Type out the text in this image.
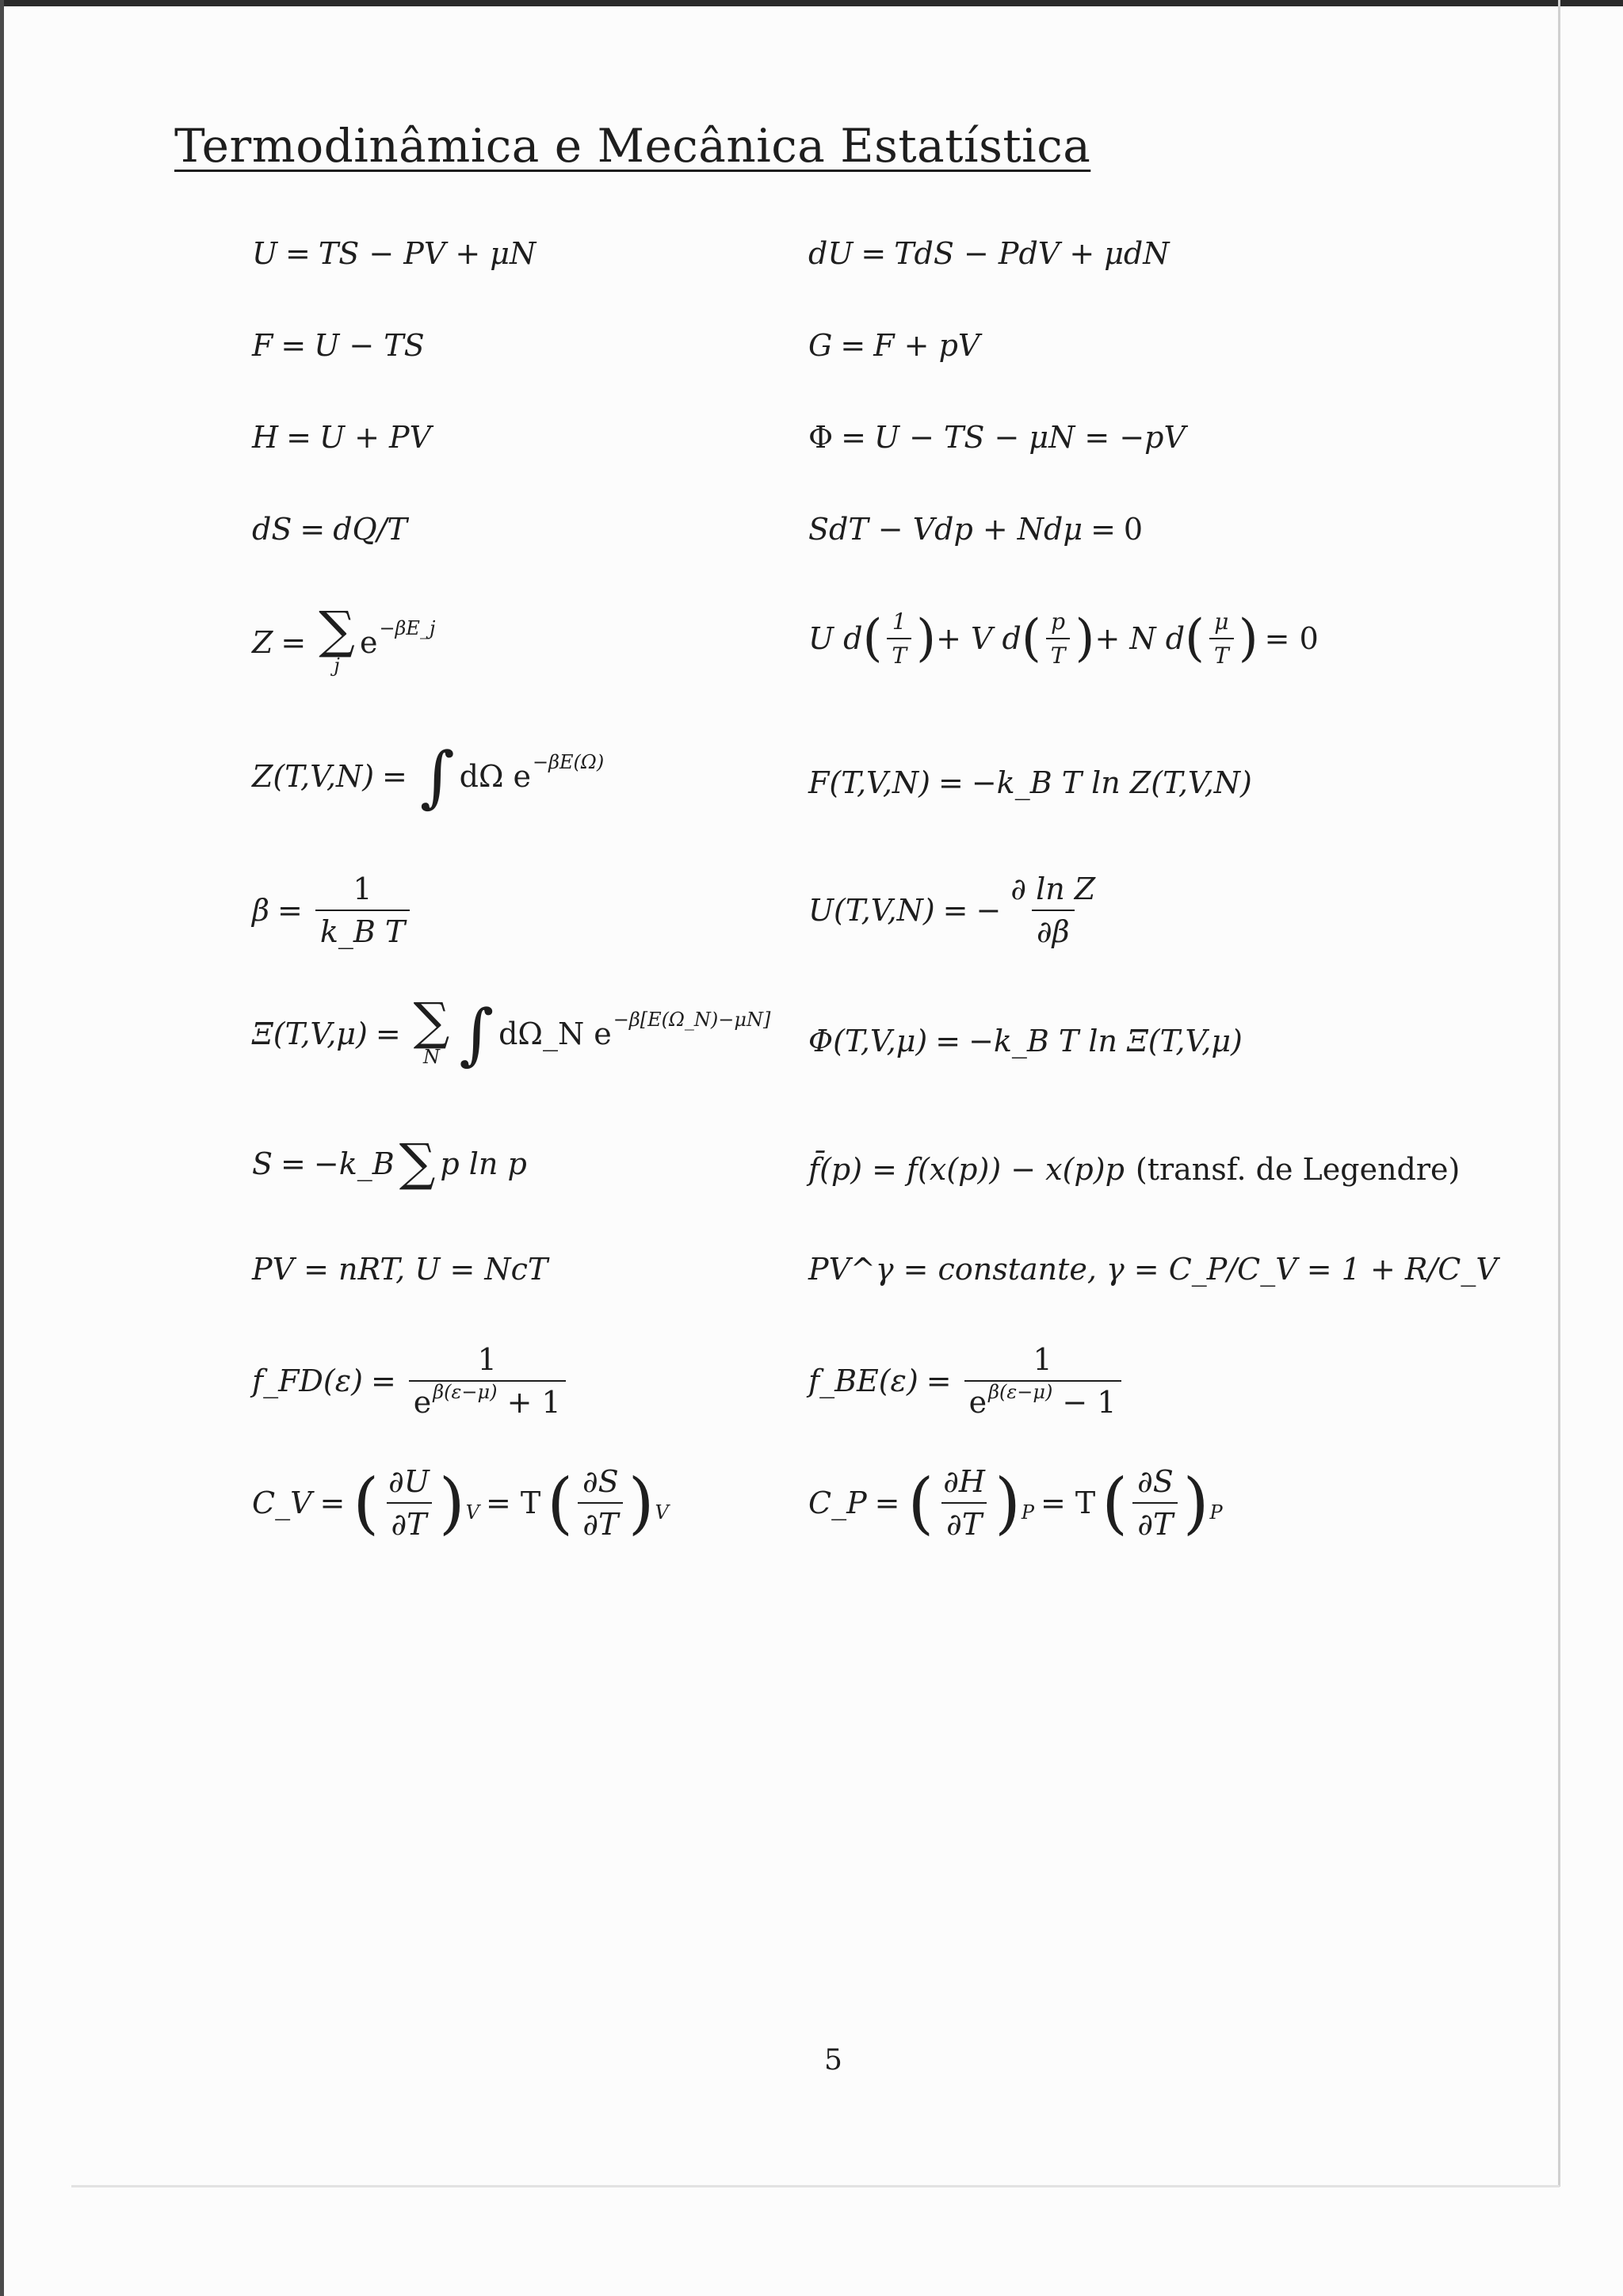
Termodinâmica e Mecânica Estatística
U = TS − PV + μN	dU = TdS − PdV + μdN
F = U − TS	G = F + pV
H = U + PV	Φ = U − TS − μN = −pV
dS = dQ/T	SdT − Vdp + Ndμ = 0
Z = ∑
j
e −βE_j	U d ( $\frac{1}{T}$ ) + V d ( $\frac{p}{T}$ ) + N d ( $\frac{\mu}{T}$ ) = 0
Z(T,V,N) = ∫ dΩ e −βE(Ω)
F(T,V,N) = −k_B T ln Z(T,V,N)
$\beta = \frac{1}{\text{k\_B T}}$	U(T,V,N) = − $\frac{\text{∂ ln Z}}{\partial\beta}$
Ξ(T,V,μ) = ∑
N ∫ dΩ_N e −β[E(Ω_N)−μN]
Φ(T,V,μ) = −k_B T ln Ξ(T,V,μ)
S = −k_B ∑ p ln p	f̄(p) = f(x(p)) − x(p)p (transf. de Legendre)
PV = nRT, U = NcT	PV^γ = constante, γ = C_P/C_V = 1 + R/C_V
f_FD(ε) = $\frac{1}{e^{\beta(\varepsilon-\mu)} + 1}$	f_BE(ε) = $\frac{1}{e^{\beta(\varepsilon-\mu)} - 1}$
C_V = ( $\frac{\partial U}{\partial T}$ ) V = T ( $\frac{\partial S}{\partial T}$ ) V	C_P = ( $\frac{\partial H}{\partial T}$ ) P = T ( $\frac{\partial S}{\partial T}$ ) P
5
